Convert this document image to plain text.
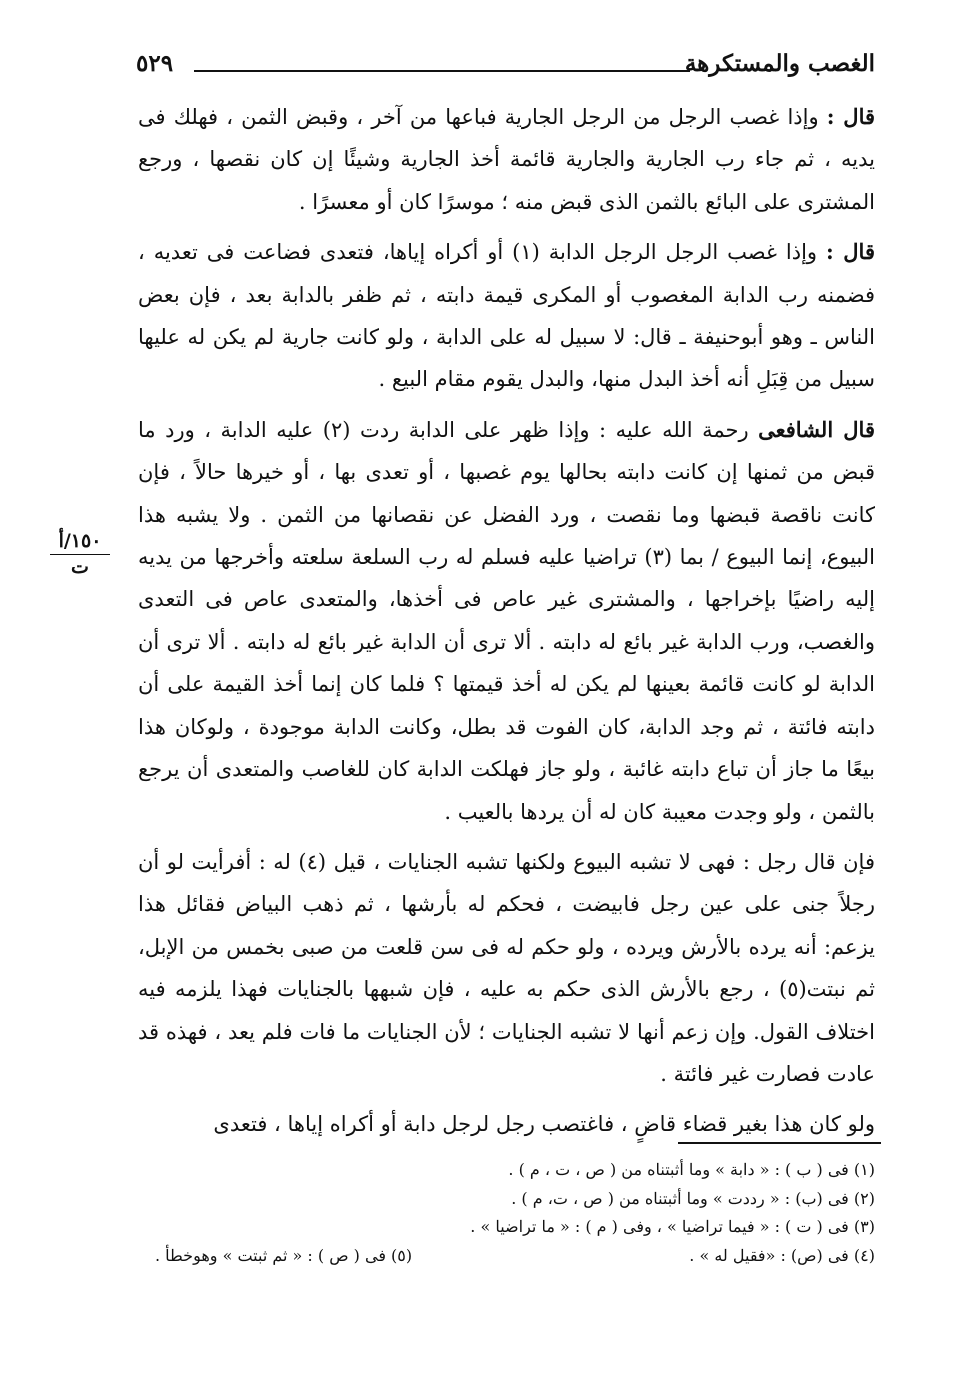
الغصب والمستكرهة
٥٢٩
١٥٠/أ
ت

قال : وإذا غصب الرجل من الرجل الجارية فباعها من آخر ، وقبض الثمن ، فهلك فى يديه ، ثم جاء رب الجارية والجارية قائمة أخذ الجارية وشيئًا إن كان نقصها ، ورجع المشترى على البائع بالثمن الذى قبض منه ؛ موسرًا كان أو معسرًا .

قال : وإذا غصب الرجل الرجل الدابة (١) أو أكراه إياها، فتعدى فضاعت فى تعديه ، فضمنه رب الدابة المغصوب أو المكرى قيمة دابته ، ثم ظفر بالدابة بعد ، فإن بعض الناس ـ وهو أبوحنيفة ـ قال: لا سبيل له على الدابة ، ولو كانت جارية لم يكن له عليها سبيل من قِبَلِ أنه أخذ البدل منها، والبدل يقوم مقام البيع .

قال الشافعى رحمة الله عليه : وإذا ظهر على الدابة ردت (٢) عليه الدابة ، ورد ما قبض من ثمنها إن كانت دابته بحالها يوم غصبها ، أو تعدى بها ، أو خيرها حالاً ، فإن كانت ناقصة قبضها وما نقصت ، ورد الفضل عن نقصانها من الثمن . ولا يشبه هذا البيوع، إنما البيوع / بما (٣) تراضيا عليه فسلم له رب السلعة سلعته وأخرجها من يديه إليه راضيًا بإخراجها ، والمشترى غير عاص فى أخذها، والمتعدى عاص فى التعدى والغصب، ورب الدابة غير بائع له دابته . ألا ترى أن الدابة غير بائع له دابته . ألا ترى أن الدابة لو كانت قائمة بعينها لم يكن له أخذ قيمتها ؟ فلما كان إنما أخذ القيمة على أن دابته فائتة ، ثم وجد الدابة، كان الفوت قد بطل، وكانت الدابة موجودة ، ولوكان هذا بيعًا ما جاز أن تباع دابته غائبة ، ولو جاز فهلكت الدابة كان للغاصب والمتعدى أن يرجع بالثمن ، ولو وجدت معيبة كان له أن يردها بالعيب .

فإن قال رجل : فهى لا تشبه البيوع ولكنها تشبه الجنايات ، قيل (٤) له : أفرأيت لو أن رجلاً جنى على عين رجل فابيضت ، فحكم له بأرشها ، ثم ذهب البياض فقائل هذا يزعم: أنه يرده بالأرش ويرده ، ولو حكم له فى سن قلعت من صبى بخمس من الإبل، ثم نبتت(٥) ، رجع بالأرش الذى حكم به عليه ، فإن شبهها بالجنايات فهذا يلزمه فيه اختلاف القول. وإن زعم أنها لا تشبه الجنايات ؛ لأن الجنايات ما فات فلم يعد ، فهذه قد عادت فصارت غير فائتة .

ولو كان هذا بغير قضاء قاضٍ ، فاغتصب رجل لرجل دابة أو أكراه إياها ، فتعدى

(١) فى ( ب ) : « دابة » وما أثبتناه من ( ص ، ت ، م ) .
(٢) فى (ب) : « رددت » وما أثبتناه من ( ص ، ت، م ) .
(٣) فى ( ت ) : « فيما تراضيا » ، وفى ( م ) : « ما تراضيا » .
(٤) فى (ص) : «فقيل له » .
(٥) فى ( ص ) : « ثم ثبتت » وهوخطأ .
